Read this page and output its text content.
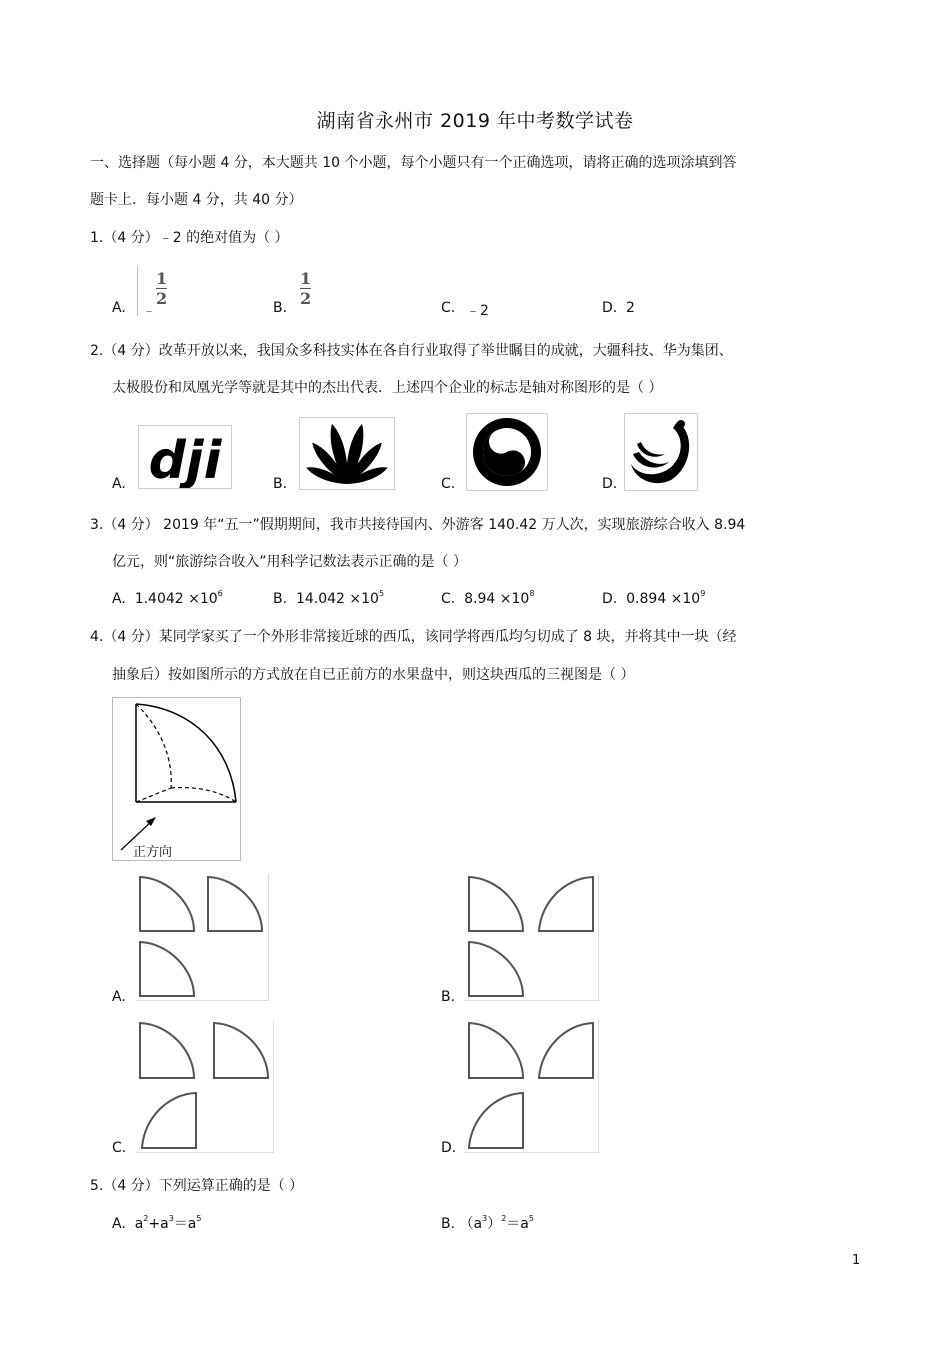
湖南省永州市 2019 年中考数学试卷
一、选择题（每小题 4 分，本大题共 10 个小题，每个小题只有一个正确选项，请将正确的选项涂填到答
题卡上．每小题 4 分，共 40 分）
1.（4 分）﹣2 的绝对值为（ ）
A. ﹣
1
2	B.
1
2	C. ﹣2	D. 2
2.（4 分）改革开放以来，我国众多科技实体在各自行业取得了举世瞩目的成就，大疆科技、华为集团、
太极股份和凤凰光学等就是其中的杰出代表．上述四个企业的标志是轴对称图形的是（ ）
A. dji	B.	C.	D.
3.（4 分） 2019 年“五一”假期期间，我市共接待国内、外游客 140.42 万人次，实现旅游综合收入 8.94
亿元，则“旅游综合收入”用科学记数法表示正确的是（ ）
A. $1.4042 \times 10^6$	B. $14.042 \times 10^5$	C. $8.94 \times 10^8$	D. $0.894 \times 10^9$
4.（4 分）某同学家买了一个外形非常接近球的西瓜，该同学将西瓜均匀切成了 8 块，并将其中一块（经
抽象后）按如图所示的方式放在自已正前方的水果盘中，则这块西瓜的三视图是（ ）
正方向
A.	B.
C.	D.
5.（4 分）下列运算正确的是（ ）
A. $a^2+a^3=a^5$	B. $(a^3)^2=a^5$
1
